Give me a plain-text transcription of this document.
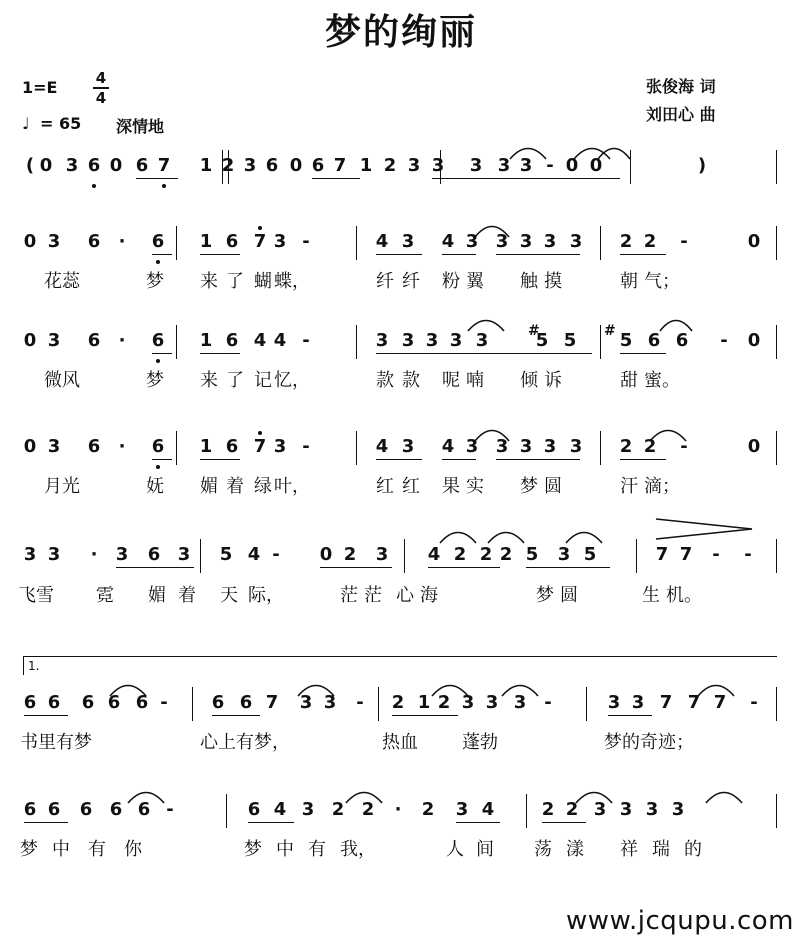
梦的绚丽
1=E	4
4
♩ = 65 深情地
张俊海 词
刘田心 曲
( 0 3 6 0 6 7 1 2 3 6 0 6 7 1 2 3 3 3 3 3 - 0 0	)
0 3 6	·	6 1 6 7 3 -	4 3 4 3 3 3 3 3 2 2	-	0
0 3 6	·	6 1 6 4 4 -	3 3 3 3 3	5 5 5 6 6	-	0
0 3 6	·	6 1 6 7 3 -	4 3 4 3 3 3 3 3 2 2	-	0
3 3	·	3 6 3 5 4 -	0 2 3 4 2 2 2 5 3 5	7 7	-	-
6 6 6 6 6 -	6 6 7 3 3	-	2 1 2 3 3 3 -	3 3 7 7 7	-
6 6 6 6 6 -	6 4 3 2 2	·	2 3 4	2 2 3 3 3 3
#	#
花蕊	梦 来 了 蝴 蝶，	纤 纤 粉 翼 触 摸	朝 气；
微风	梦 来 了 记 忆，	款 款 呢 喃 倾 诉	甜 蜜。
月光	妩 媚 着 绿 叶，	红 红 果 实 梦 圆	汗 滴；
飞雪 霓 媚 着 天 际，	茫 茫 心 海	梦 圆	生 机。
书里有梦	心上有梦，	热血 蓬勃	梦的奇迹；
梦 中 有 你	梦 中 有 我，	人 间 荡 漾 祥 瑞 的
1.
www.jcqupu.com
